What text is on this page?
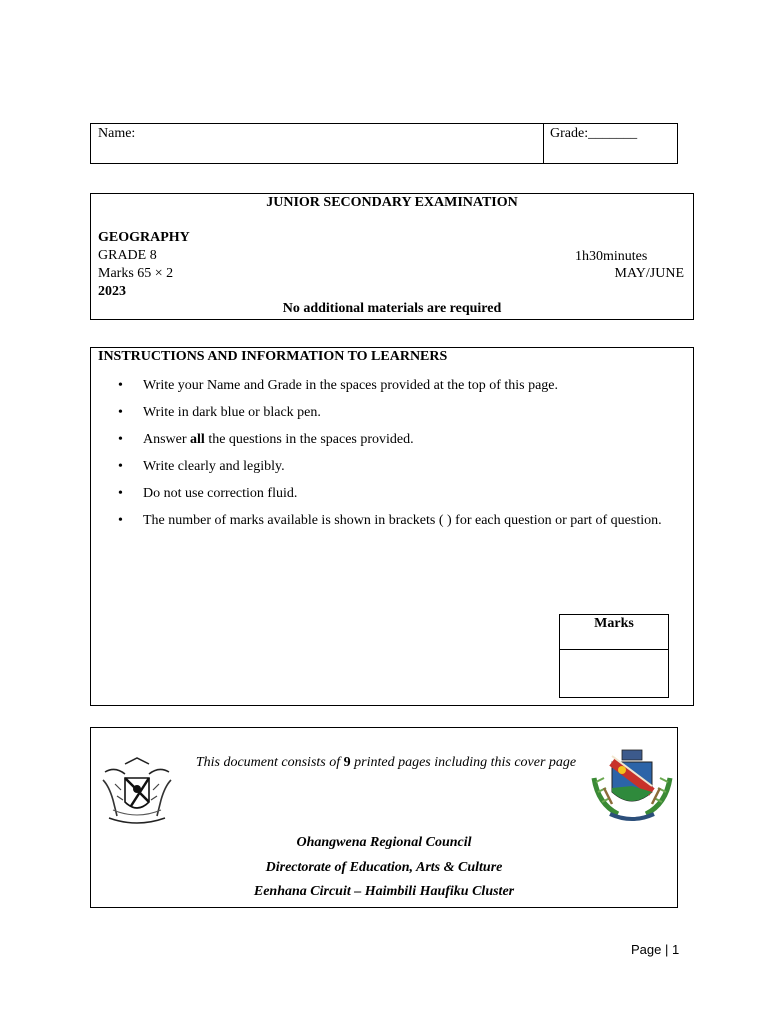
Name:	Grade:_______
JUNIOR SECONDARY EXAMINATION
GEOGRAPHY
GRADE 8	1h30minutes
Marks 65 × 2	MAY/JUNE
2023
No additional materials are required
INSTRUCTIONS AND INFORMATION TO LEARNERS
• Write your Name and Grade in the spaces provided at the top of this page.
• Write in dark blue or black pen.
• Answer all the questions in the spaces provided.
• Write clearly and legibly.
• Do not use correction fluid.
• The number of marks available is shown in brackets ( ) for each question or part of question.
Marks
This document consists of 9 printed pages including this cover page
Ohangwena Regional Council
Directorate of Education, Arts & Culture
Eenhana Circuit – Haimbili Haufiku Cluster
Page | 1
